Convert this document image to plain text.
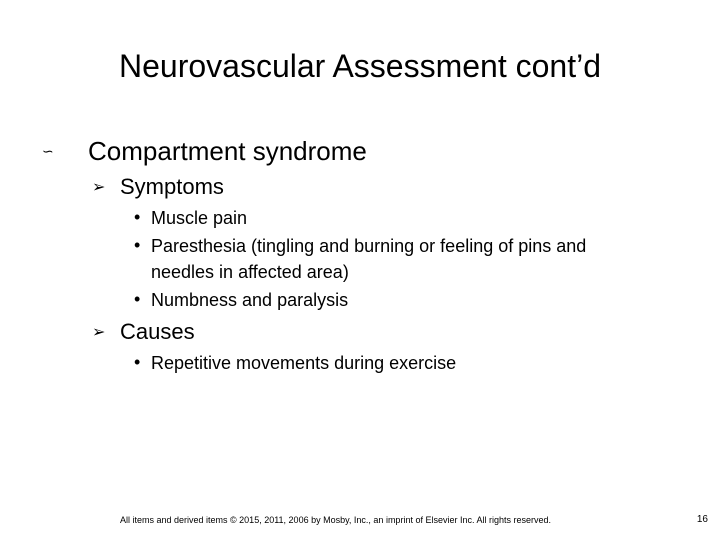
Neurovascular Assessment cont’d
∽ Compartment syndrome
➢ Symptoms
• Muscle pain
• Paresthesia (tingling and burning or feeling of pins and
needles in affected area)
• Numbness and paralysis
➢ Causes
• Repetitive movements during exercise
All items and derived items © 2015, 2011, 2006 by Mosby, Inc., an imprint of Elsevier Inc. All rights reserved.	16
